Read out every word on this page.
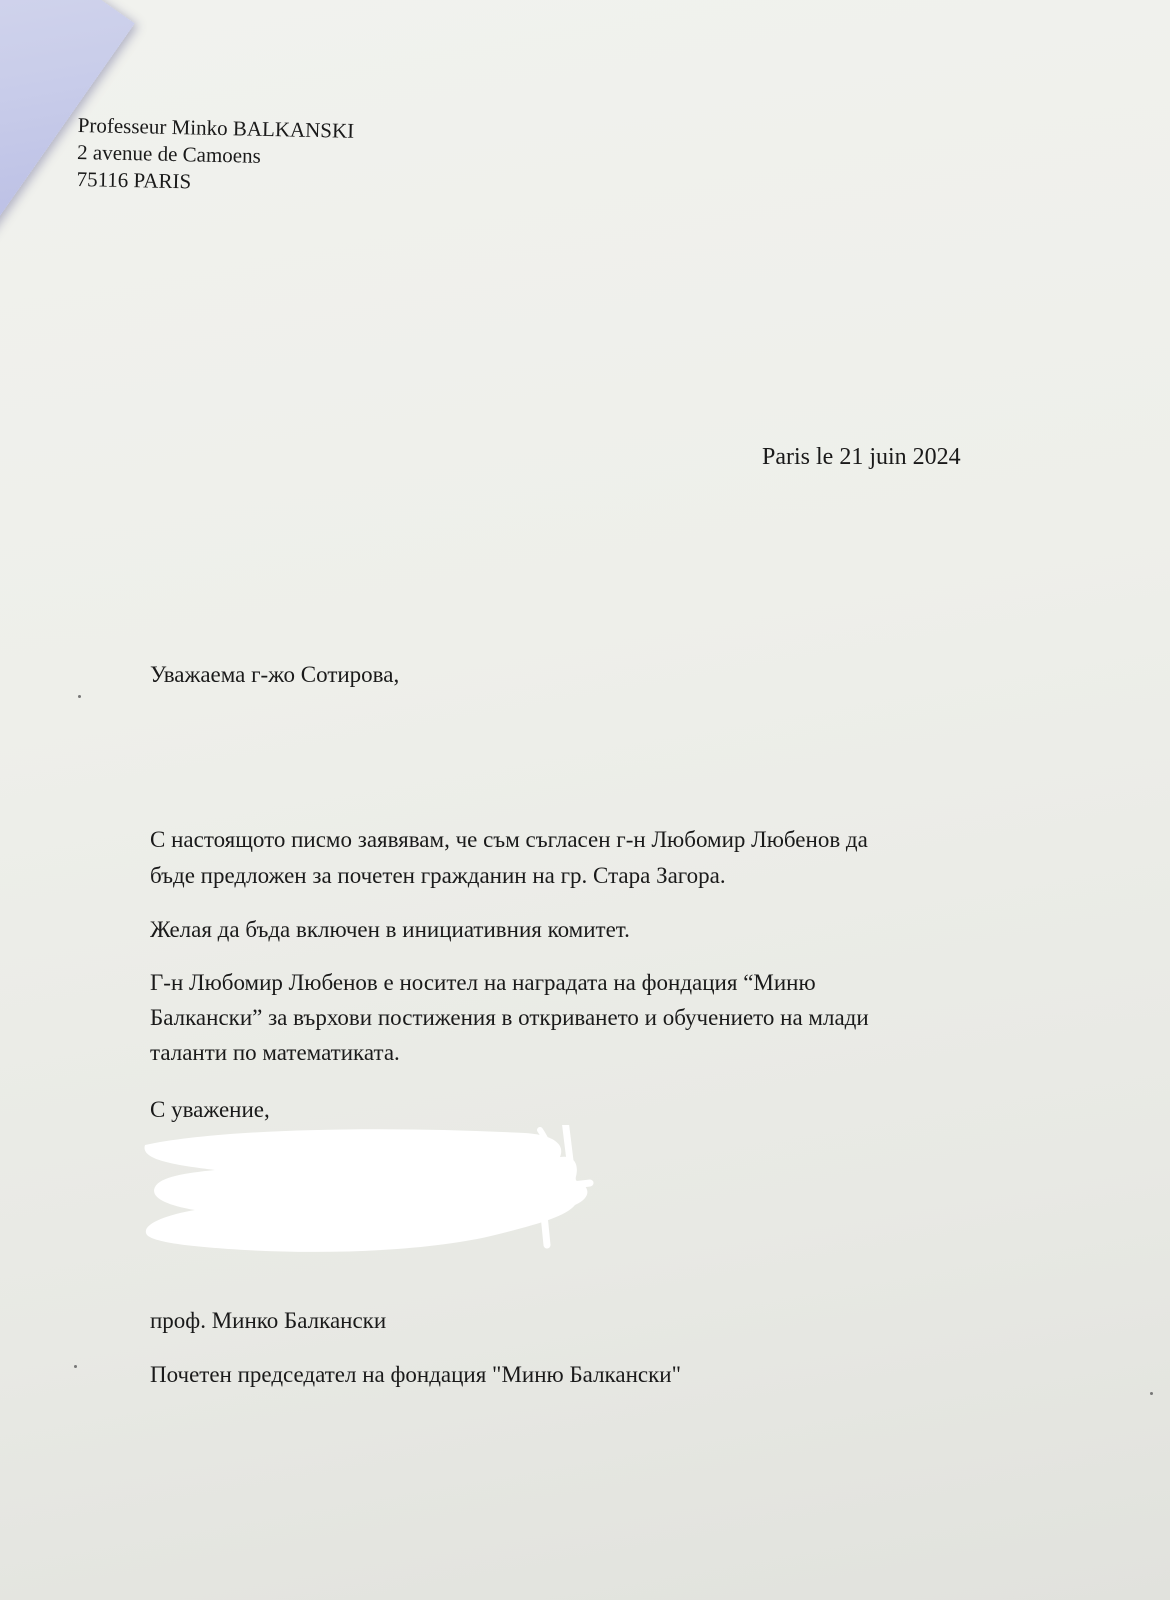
Professeur Minko BALKANSKI
2 avenue de Camoens
75116 PARIS
Paris le 21 juin 2024
Уважаема г-жо Сотирова,
С настоящото писмо заявявам, че съм съгласен г-н Любомир Любенов да
бъде предложен за почетен гражданин на гр. Стара Загора.
Желая да бъда включен в инициативния комитет.
Г-н Любомир Любенов е носител на наградата на фондация “Миню
Балкански” за върхови постижения в откриването и обучението на млади
таланти по математиката.
С уважение,
проф. Минко Балкански
Почетен председател на фондация "Миню Балкански"
